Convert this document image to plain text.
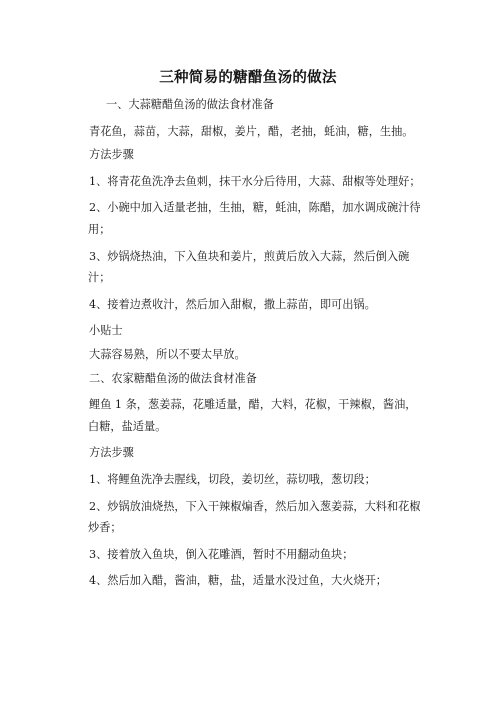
三种简易的糖醋鱼汤的做法

一、大蒜糖醋鱼汤的做法食材准备

青花鱼，蒜苗，大蒜，甜椒，姜片，醋，老抽，蚝油，糖，生抽。

方法步骤

1、将青花鱼洗净去鱼刺，抹干水分后待用，大蒜、甜椒等处理好；

2、小碗中加入适量老抽，生抽，糖，蚝油，陈醋，加水调成碗汁待用；

3、炒锅烧热油，下入鱼块和姜片，煎黄后放入大蒜，然后倒入碗汁；

4、接着边煮收汁，然后加入甜椒，撒上蒜苗，即可出锅。

小贴士

大蒜容易熟，所以不要太早放。

二、农家糖醋鱼汤的做法食材准备

鲤鱼 1 条，葱姜蒜，花雕适量，醋，大料，花椒，干辣椒，酱油，白糖，盐适量。

方法步骤

1、将鲤鱼洗净去腥线，切段，姜切丝，蒜切哦，葱切段；

2、炒锅放油烧热，下入干辣椒煸香，然后加入葱姜蒜，大料和花椒炒香；

3、接着放入鱼块，倒入花雕酒，暂时不用翻动鱼块；

4、然后加入醋，酱油，糖，盐，适量水没过鱼，大火烧开；
